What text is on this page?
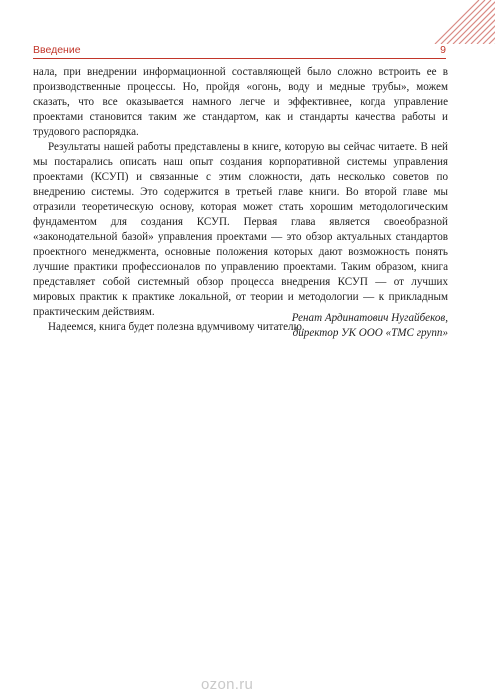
Введение	9

нала, при внедрении информационной составляющей было сложно встроить ее в производственные процессы. Но, пройдя «огонь, воду и медные трубы», можем сказать, что все оказывается намного легче и эффективнее, когда управление проектами становится таким же стандартом, как и стандарты качества работы и трудового распорядка.

Результаты нашей работы представлены в книге, которую вы сейчас читаете. В ней мы постарались описать наш опыт создания корпоративной системы управления проектами (КСУП) и связанные с этим сложности, дать несколько советов по внедрению системы. Это содержится в третьей главе книги. Во второй главе мы отразили теоретическую основу, которая может стать хорошим методологическим фундаментом для создания КСУП. Первая глава является своеобразной «законодательной базой» управления проектами — это обзор актуальных стандартов проектного менеджмента, основные положения которых дают возможность понять лучшие практики профессионалов по управлению проектами. Таким образом, книга представляет собой системный обзор процесса внедрения КСУП — от лучших мировых практик к практике локальной, от теории и методологии — к прикладным практическим действиям.

Надеемся, книга будет полезна вдумчивому читателю.

Ренат Ардинатович Нугайбеков,
директор УК ООО «ТМС групп»
ozon.ru
